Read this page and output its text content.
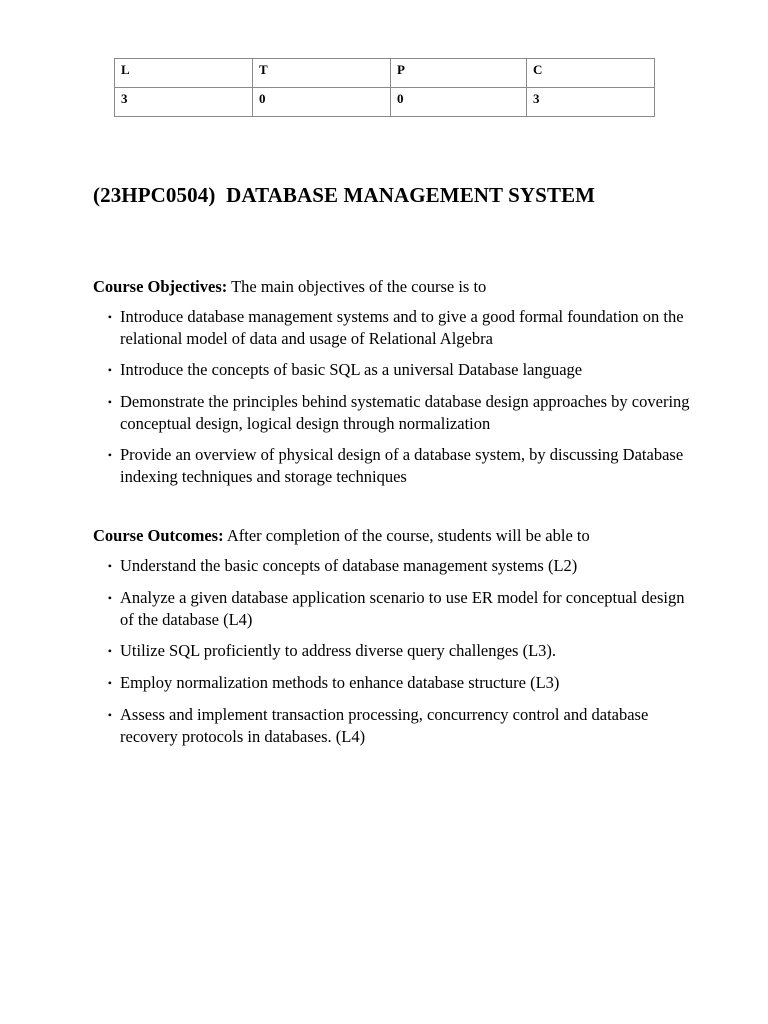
L	T	P	C
3	0	0	3
(23HPC0504)  DATABASE MANAGEMENT SYSTEM

Course Objectives: The main objectives of the course is to

• Introduce database management systems and to give a good formal foundation on the relational model of data and usage of Relational Algebra
• Introduce the concepts of basic SQL as a universal Database language
• Demonstrate the principles behind systematic database design approaches by covering conceptual design, logical design through normalization
• Provide an overview of physical design of a database system, by discussing Database indexing techniques and storage techniques

Course Outcomes: After completion of the course, students will be able to

• Understand the basic concepts of database management systems (L2)
• Analyze a given database application scenario to use ER model for conceptual design of the database (L4)
• Utilize SQL proficiently to address diverse query challenges (L3).
• Employ normalization methods to enhance database structure (L3)
• Assess and implement transaction processing, concurrency control and database recovery protocols in databases. (L4)
